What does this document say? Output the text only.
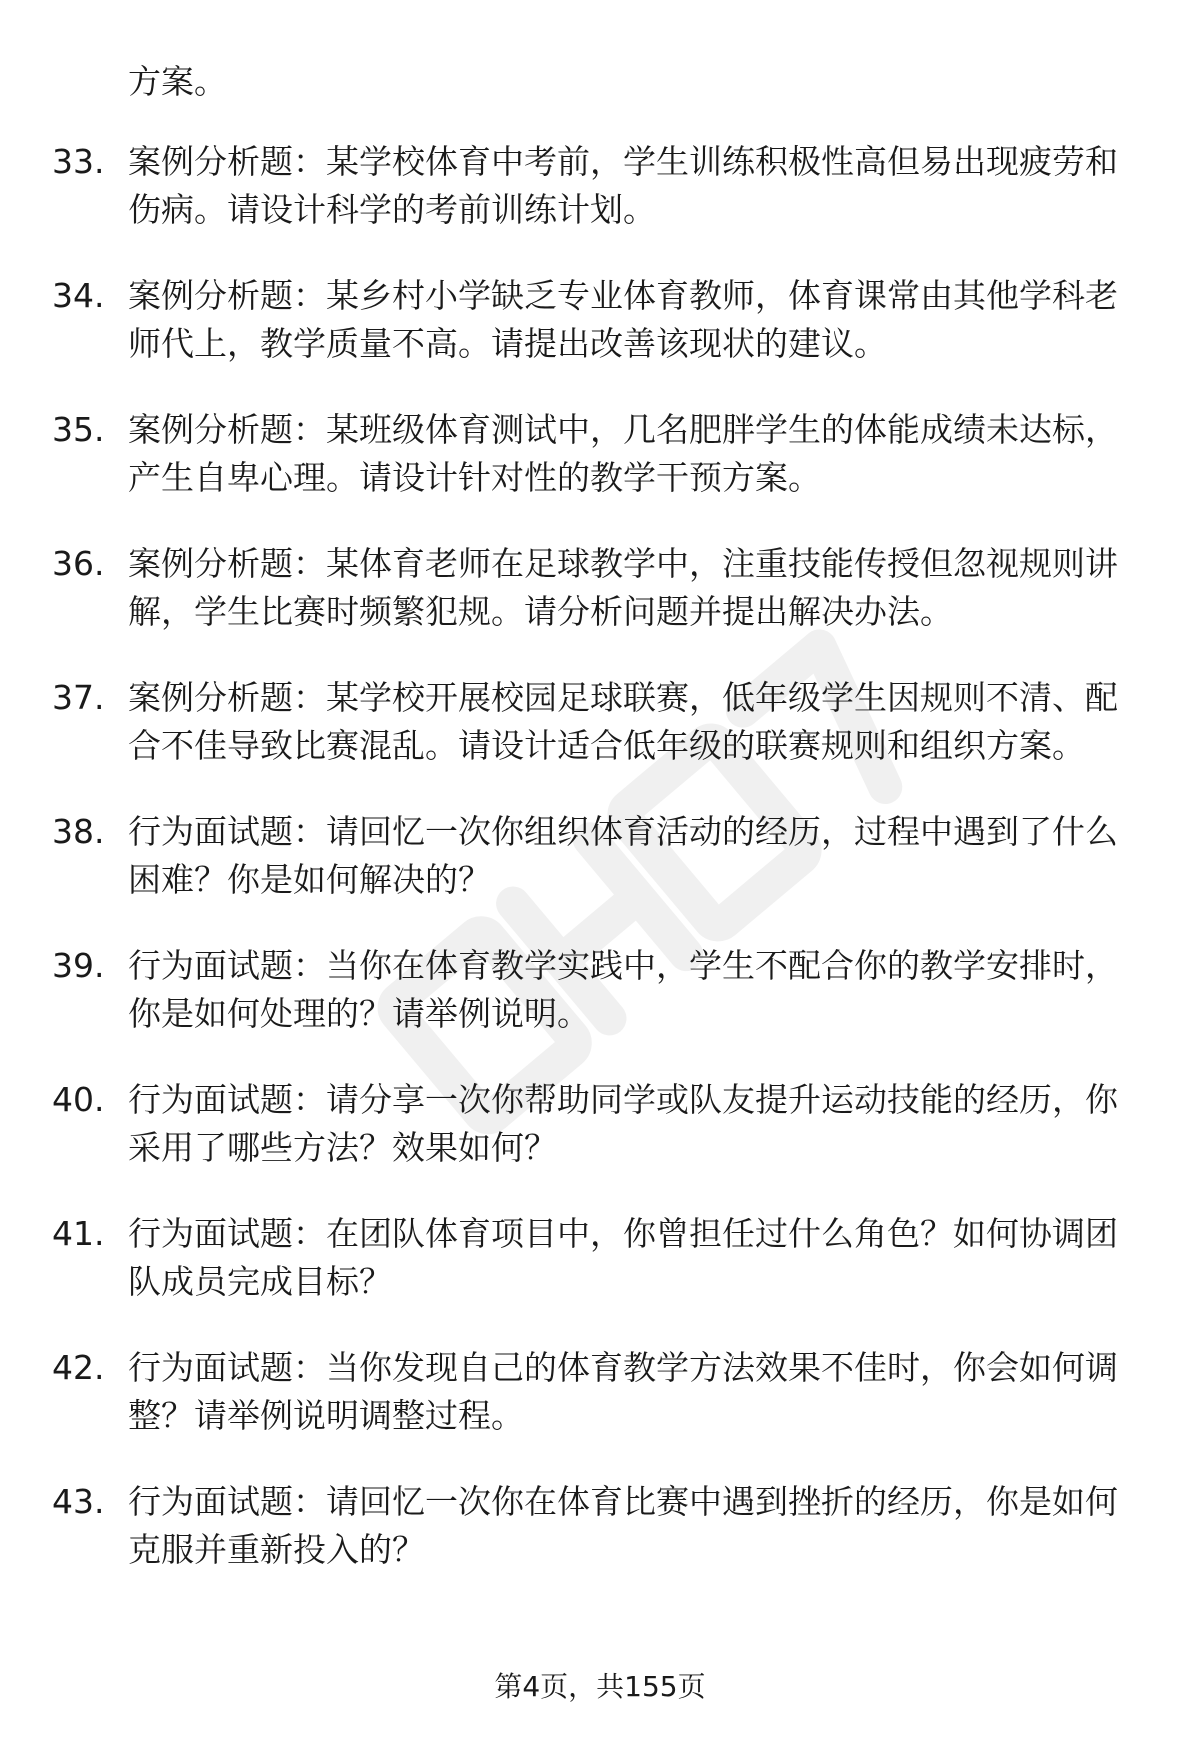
方案。

33. 案例分析题：某学校体育中考前，学生训练积极性高但易出现疲劳和伤病。请设计科学的考前训练计划。
34. 案例分析题：某乡村小学缺乏专业体育教师，体育课常由其他学科老师代上，教学质量不高。请提出改善该现状的建议。
35. 案例分析题：某班级体育测试中，几名肥胖学生的体能成绩未达标，产生自卑心理。请设计针对性的教学干预方案。
36. 案例分析题：某体育老师在足球教学中，注重技能传授但忽视规则讲解，学生比赛时频繁犯规。请分析问题并提出解决办法。
37. 案例分析题：某学校开展校园足球联赛，低年级学生因规则不清、配合不佳导致比赛混乱。请设计适合低年级的联赛规则和组织方案。
38. 行为面试题：请回忆一次你组织体育活动的经历，过程中遇到了什么困难？你是如何解决的？
39. 行为面试题：当你在体育教学实践中，学生不配合你的教学安排时，你是如何处理的？请举例说明。
40. 行为面试题：请分享一次你帮助同学或队友提升运动技能的经历，你采用了哪些方法？效果如何？
41. 行为面试题：在团队体育项目中，你曾担任过什么角色？如何协调团队成员完成目标？
42. 行为面试题：当你发现自己的体育教学方法效果不佳时，你会如何调整？请举例说明调整过程。
43. 行为面试题：请回忆一次你在体育比赛中遇到挫折的经历，你是如何克服并重新投入的？
第4页，共155页
